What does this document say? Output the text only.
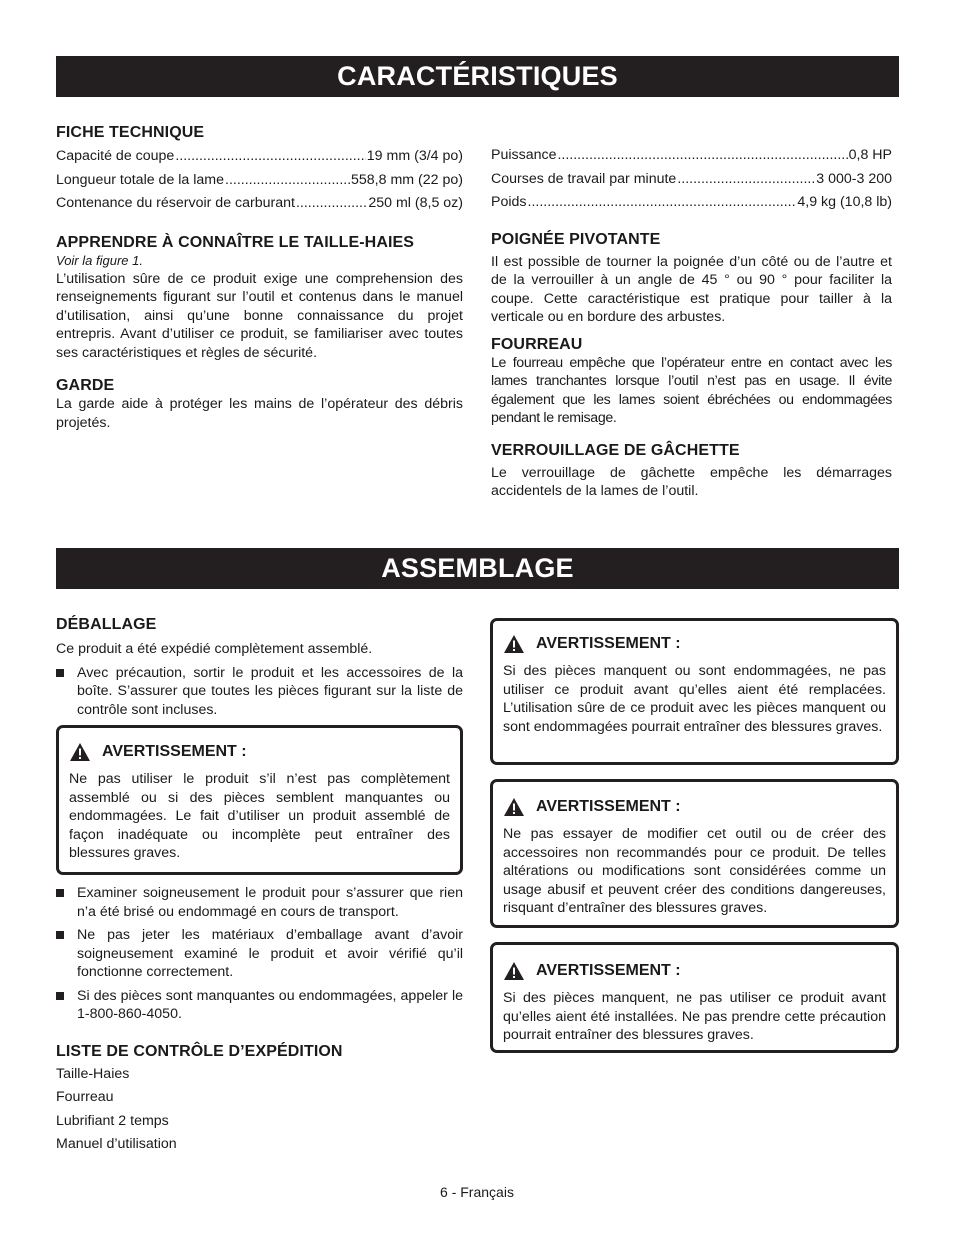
CARACTÉRISTIQUES
FICHE TECHNIQUE
Capacité de coupe .....	19 mm (3/4 po)
Longueur totale de la lame .....	558,8 mm (22 po)
Contenance du réservoir de carburant .....	250 ml (8,5 oz)
APPRENDRE À CONNAÎTRE LE TAILLE-HAIES
Voir la figure 1.

L’utilisation sûre de ce produit exige une comprehension des renseignements figurant sur l’outil et contenus dans le manuel d’utilisation, ainsi qu’une bonne connaissance du projet entrepris. Avant d’utiliser ce produit, se familiariser avec toutes ses caractéristiques et règles de sécurité.

GARDE

La garde aide à protéger les mains de l’opérateur des débris projetés.

Puissance .....	0,8 HP
Courses de travail par minute .....	3 000-3 200
Poids .....	4,9 kg (10,8 lb)
POIGNÉE PIVOTANTE

Il est possible de tourner la poignée d’un côté ou de l’autre et de la verrouiller à un angle de 45 ° ou 90 ° pour faciliter la coupe. Cette caractéristique est pratique pour tailler à la verticale ou en bordure des arbustes.

FOURREAU

Le fourreau empêche que l’opérateur entre en contact avec les lames tranchantes lorsque l’outil n’est pas en usage. Il évite également que les lames soient ébréchées ou endommagées pendant le remisage.

VERROUILLAGE DE GÂCHETTE

Le verrouillage de gâchette empêche les démarrages accidentels de la lames de l’outil.

ASSEMBLAGE
DÉBALLAGE

Ce produit a été expédié complètement assemblé.

Avec précaution, sortir le produit et les accessoires de la boîte. S’assurer que toutes les pièces figurant sur la liste de contrôle sont incluses.

AVERTISSEMENT :

Ne pas utiliser le produit s’il n’est pas complètement assemblé ou si des pièces semblent manquantes ou endommagées. Le fait d’utiliser un produit assemblé de façon inadéquate ou incomplète peut entraîner des blessures graves.

Examiner soigneusement le produit pour s’assurer que rien n’a été brisé ou endommagé en cours de transport.

Ne pas jeter les matériaux d’emballage avant d’avoir soigneusement examiné le produit et avoir vérifié qu’il fonctionne correctement.

Si des pièces sont manquantes ou endommagées, appeler le 1-800-860-4050.

LISTE DE CONTRÔLE D’EXPÉDITION
Taille-Haies
Fourreau
Lubrifiant 2 temps
Manuel d’utilisation
AVERTISSEMENT :

Si des pièces manquent ou sont endommagées, ne pas utiliser ce produit avant qu’elles aient été remplacées. L’utilisation sûre de ce produit avec les pièces manquent ou sont endommagées pourrait entraîner des blessures graves.

AVERTISSEMENT :

Ne pas essayer de modifier cet outil ou de créer des accessoires non recommandés pour ce produit. De telles altérations ou modifications sont considérées comme un usage abusif et peuvent créer des conditions dangereuses, risquant d’entraîner des blessures graves.

AVERTISSEMENT :

Si des pièces manquent, ne pas utiliser ce produit avant qu’elles aient été installées. Ne pas prendre cette précaution pourrait entraîner des blessures graves.

6 - Français
